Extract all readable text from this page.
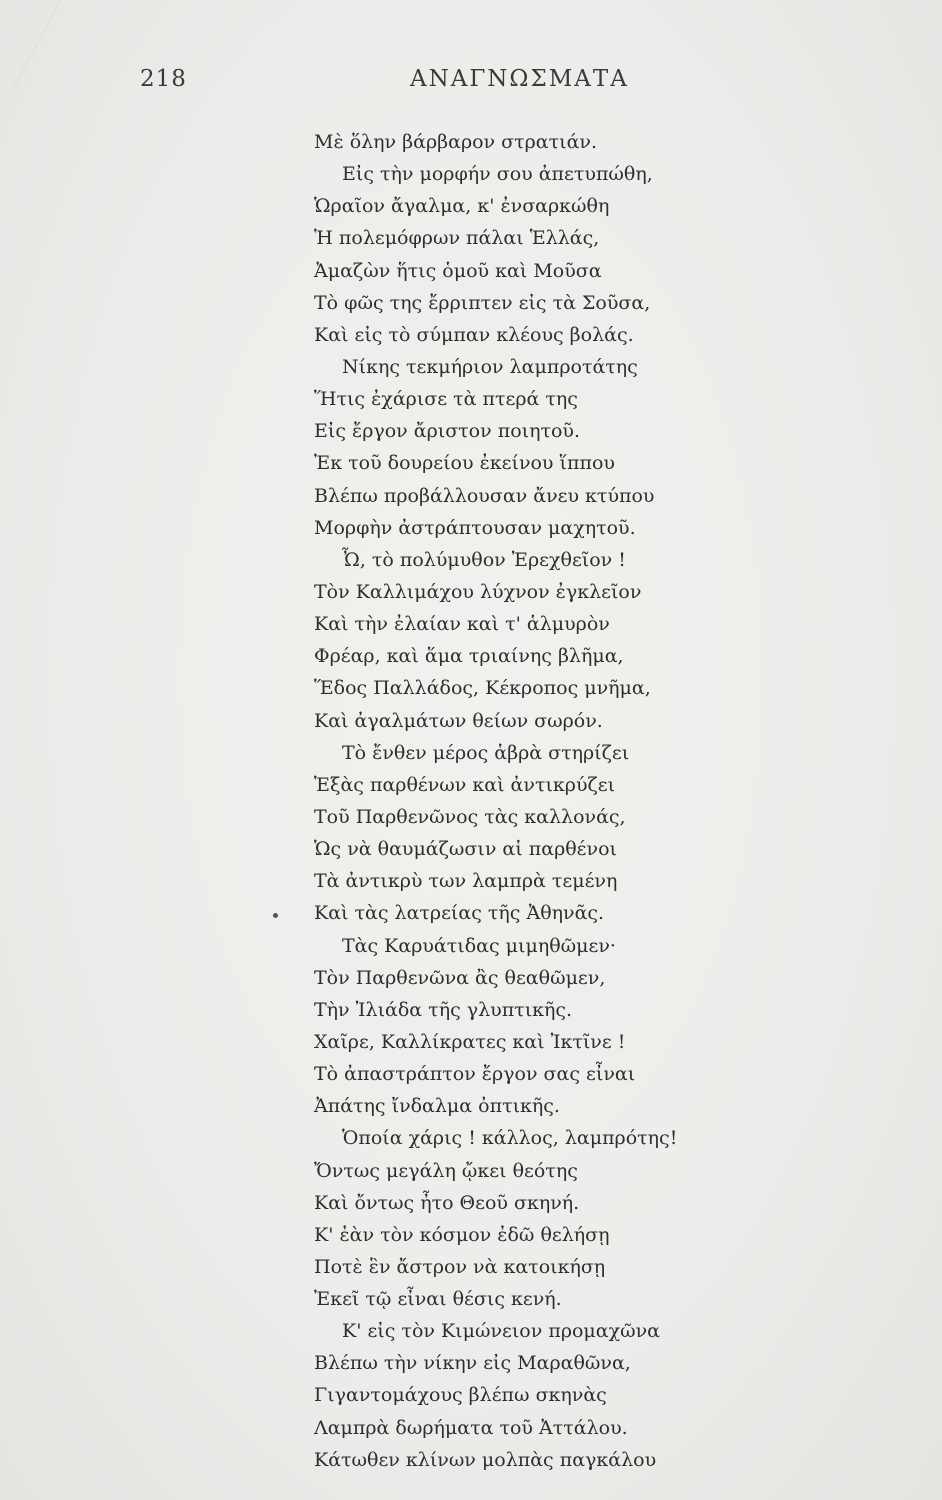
218	ΑΝΑΓΝΩΣΜΑΤΑ
Μὲ ὅλην βάρβαρον στρατιάν.
Εἰς τὴν μορφήν σου ἀπετυπώθη,
Ὡραῖον ἄγαλμα, κ' ἐνσαρκώθη
Ἡ πολεμόφρων πάλαι Ἑλλάς,
Ἀμαζὼν ἥτις ὁμοῦ καὶ Μοῦσα
Τὸ φῶς της ἔρριπτεν εἰς τὰ Σοῦσα,
Καὶ εἰς τὸ σύμπαν κλέους βολάς.
Νίκης τεκμήριον λαμπροτάτης
Ἥτις ἐχάρισε τὰ πτερά της
Εἰς ἔργον ἄριστον ποιητοῦ.
Ἐκ τοῦ δουρείου ἐκείνου ἵππου
Βλέπω προβάλλουσαν ἄνευ κτύπου
Μορφὴν ἀστράπτουσαν μαχητοῦ.
Ὦ, τὸ πολύμυθον Ἐρεχθεῖον !
Τὸν Καλλιμάχου λύχνον ἐγκλεῖον
Καὶ τὴν ἐλαίαν καὶ τ' ἁλμυρὸν
Φρέαρ, καὶ ἅμα τριαίνης βλῆμα,
Ἕδος Παλλάδος, Κέκροπος μνῆμα,
Καὶ ἀγαλμάτων θείων σωρόν.
Τὸ ἔνθεν μέρος ἁβρὰ στηρίζει
Ἑξὰς παρθένων καὶ ἀντικρύζει
Τοῦ Παρθενῶνος τὰς καλλονάς,
Ὡς νὰ θαυμάζωσιν αἱ παρθένοι
Τὰ ἀντικρὺ των λαμπρὰ τεμένη
Καὶ τὰς λατρείας τῆς Ἀθηνᾶς.
Τὰς Καρυάτιδας μιμηθῶμεν·
Τὸν Παρθενῶνα ἂς θεαθῶμεν,
Τὴν Ἰλιάδα τῆς γλυπτικῆς.
Χαῖρε, Καλλίκρατες καὶ Ἰκτῖνε !
Τὸ ἀπαστράπτον ἔργον σας εἶναι
Ἀπάτης ἴνδαλμα ὀπτικῆς.
Ὁποία χάρις ! κάλλος, λαμπρότης!
Ὄντως μεγάλη ᾤκει θεότης
Καὶ ὄντως ἦτο Θεοῦ σκηνή.
Κ' ἐὰν τὸν κόσμον ἐδῶ θελήσῃ
Ποτὲ ἓν ἄστρον νὰ κατοικήσῃ
Ἐκεῖ τῷ εἶναι θέσις κενή.
Κ' εἰς τὸν Κιμώνειον προμαχῶνα
Βλέπω τὴν νίκην εἰς Μαραθῶνα,
Γιγαντομάχους βλέπω σκηνὰς
Λαμπρὰ δωρήματα τοῦ Ἀττάλου.
Κάτωθεν κλίνων μολπὰς παγκάλου
